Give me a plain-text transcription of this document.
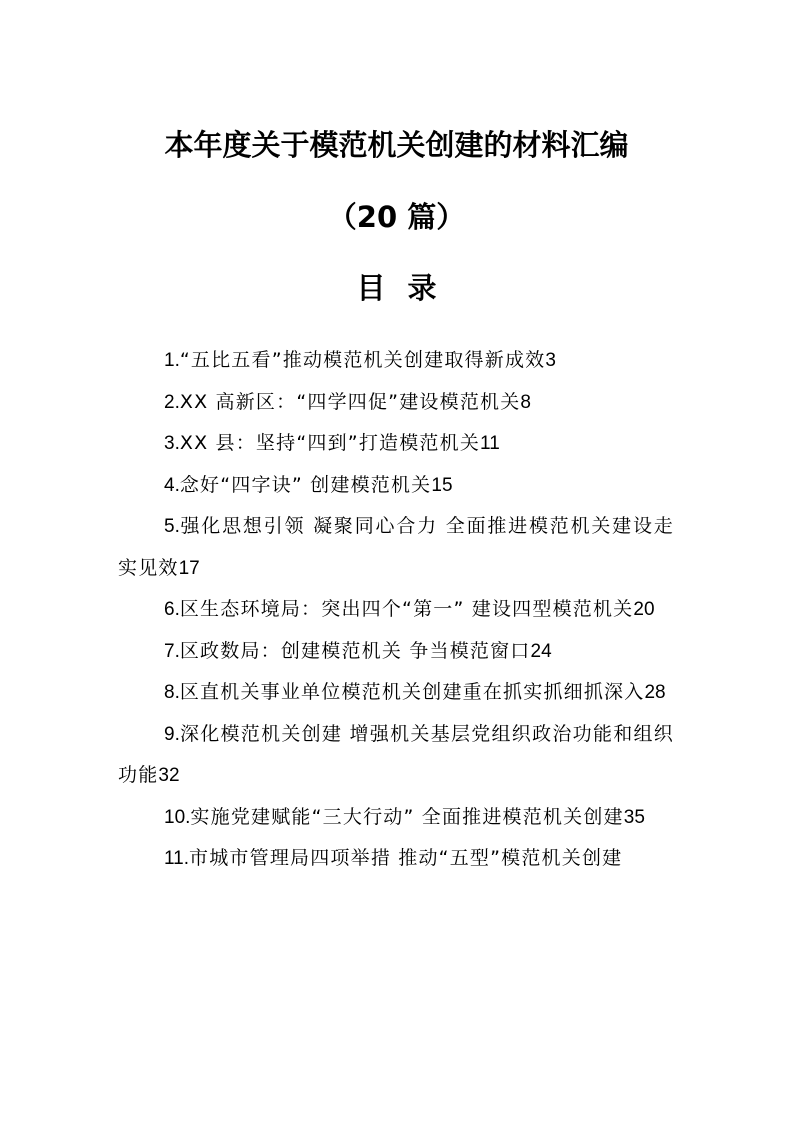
本年度关于模范机关创建的材料汇编
（20 篇）
目录
1.“五比五看”推动模范机关创建取得新成效3
2.XX 高新区：“四学四促”建设模范机关8
3.XX 县：坚持“四到”打造模范机关11
4.念好“四字诀” 创建模范机关15
5.强化思想引领 凝聚同心合力 全面推进模范机关建设走实见效17
6.区生态环境局：突出四个“第一” 建设四型模范机关20
7.区政数局：创建模范机关 争当模范窗口24
8.区直机关事业单位模范机关创建重在抓实抓细抓深入28
9.深化模范机关创建 增强机关基层党组织政治功能和组织功能32
10.实施党建赋能“三大行动” 全面推进模范机关创建35
11.市城市管理局四项举措 推动“五型”模范机关创建
